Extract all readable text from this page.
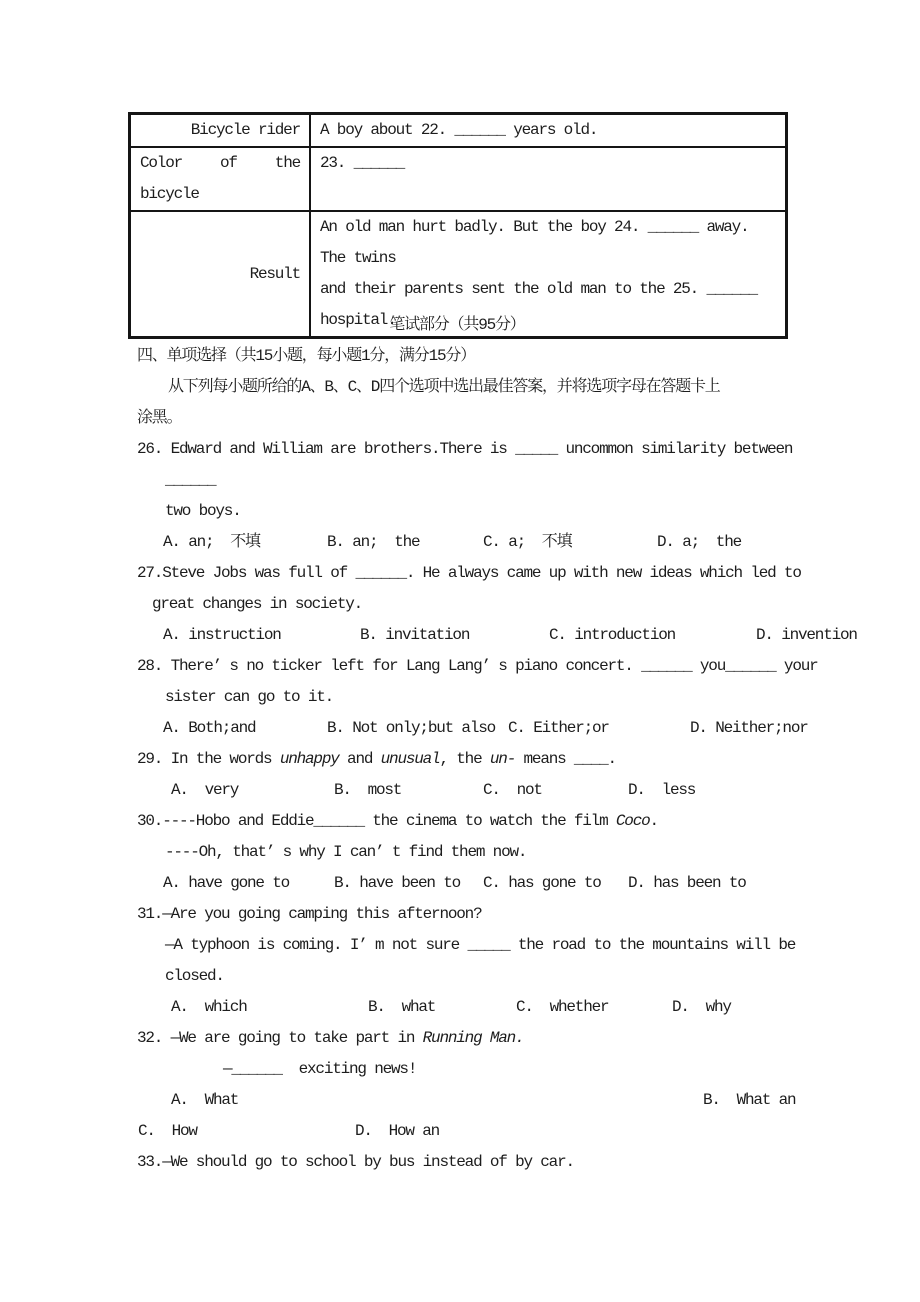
Bicycle rider	A boy about 22. ______ years old.

Color of the
bicycle	23. ______

Result	An old man hurt badly. But the boy 24. ______ away. The twins
and their parents sent the old man to the 25. ______ hospital.
笔试部分（共95分）
四、单项选择（共15小题，每小题1分，满分15分）
从下列每小题所给的A、B、C、D四个选项中选出最佳答案，并将选项字母在答题卡上
涂黑。
26. Edward and William are brothers.There is _____ uncommon similarity between
______
two boys.

A. an;  不填

	B. an;  the

	C. a;  不填

	D. a;  the

27.Steve Jobs was full of ______. He always came up with new ideas which led to
great changes in society.

A. instruction

	B. invitation

	C. introduction

	D. invention

28. There’ s no ticker left for Lang Lang’ s piano concert. ______ you______ your
sister can go to it.

A. Both;and

	B. Not only;but also

C. Either;or

	D. Neither;nor

29. In the words unhappy and unusual, the un- means ____.

A.  very

	B.  most

	C.  not

	D.  less

30.----Hobo and Eddie______ the cinema to watch the film Coco.
----Oh, that’ s why I can’ t find them now.

A. have gone to

	B. have been to

C. has gone to

D. has been to

31.—Are you going camping this afternoon?
—A typhoon is coming. I’ m not sure _____ the road to the mountains will be
closed.

A.  which

	B.  what

	C.  whether

	D.  why

32. —We are going to take part in Running Man.
—______  exciting news!

A.  What

	B.  What an

C.  How

	D.  How an

33.—We should go to school by bus instead of by car.
